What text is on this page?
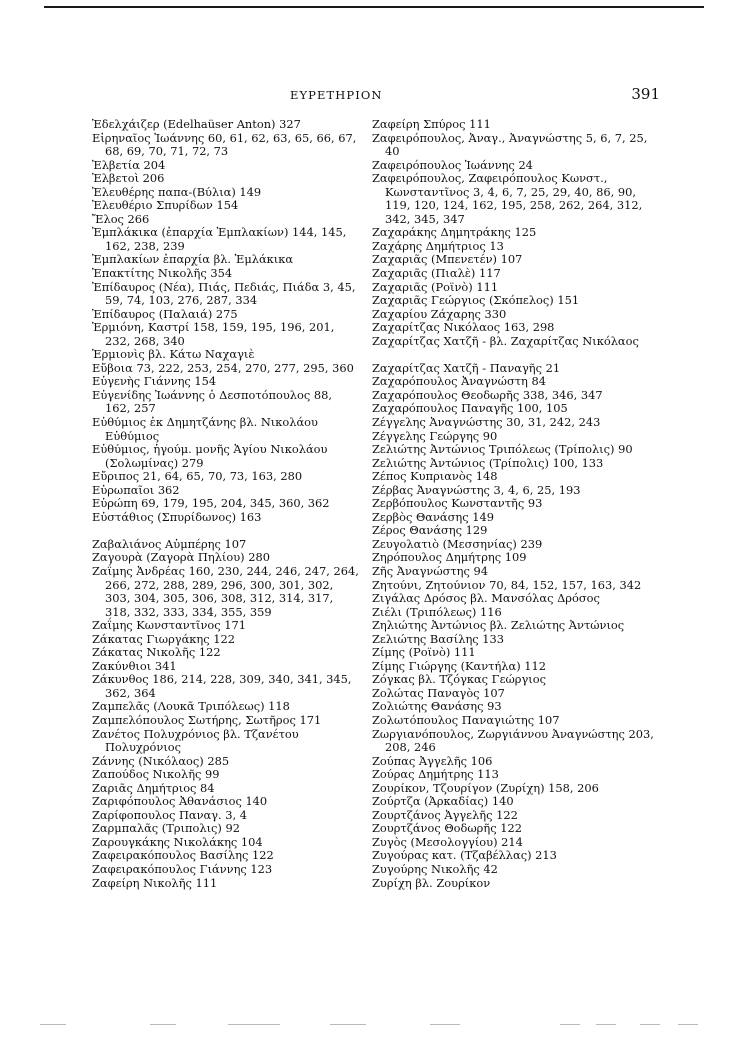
ΕΥΡΕΤΗΡΙΟΝ	391

Ἐδελχάιζερ (Edelhaüser Anton) 327

Εἰρηναῖος Ἰωάννης 60, 61, 62, 63, 65, 66, 67, 68, 69, 70, 71, 72, 73

Ἐλβετία 204

Ἐλβετοὶ 206

Ἐλευθέρης παπα-(Βύλια) 149

Ἐλευθέριο Σπυρίδων 154

Ἔλος 266

Ἐμπλάκικα (ἐπαρχία Ἐμπλακίων) 144, 145, 162, 238, 239

Ἐμπλακίων ἐπαρχία βλ. Ἐμλάκικα

Ἐπακτίτης Νικολῆς 354

Ἐπίδαυρος (Νέα), Πιάς, Πεδιάς, Πιάδα 3, 45, 59, 74, 103, 276, 287, 334

Ἐπίδαυρος (Παλαιά) 275

Ἑρμιόνη, Καστρί 158, 159, 195, 196, 201, 232, 268, 340

Ἑρμιονὶς βλ. Κάτω Ναχαγιὲ

Εὔβοια 73, 222, 253, 254, 270, 277, 295, 360

Εὐγενὴς Γιάννης 154

Εὐγενίδης Ἰωάννης ὁ Δεσποτόπουλος 88, 162, 257

Εὐθύμιος ἐκ Δημητζάνης βλ. Νικολάου Εὐθύμιος

Εὐθύμιος, ἡγούμ. μονῆς Ἁγίου Νικολάου (Σολωμίνας) 279

Εὔριπος 21, 64, 65, 70, 73, 163, 280

Εὐρωπαῖοι 362

Εὐρώπη 69, 179, 195, 204, 345, 360, 362

Εὐστάθιος (Σπυρίδωνος) 163

Ζαβαλιάνος Αὐμπέρης 107

Ζαγουρὰ (Ζαγορὰ Πηλίου) 280

Ζαΐμης Ἀνδρέας 160, 230, 244, 246, 247, 264, 266, 272, 288, 289, 296, 300, 301, 302, 303, 304, 305, 306, 308, 312, 314, 317, 318, 332, 333, 334, 355, 359

Ζαΐμης Κωνσταντῖνος 171

Ζάκατας Γιωργάκης 122

Ζάκατας Νικολῆς 122

Ζακύνθιοι 341

Ζάκυνθος 186, 214, 228, 309, 340, 341, 345, 362, 364

Ζαμπελᾶς (Λουκᾶ Τριπόλεως) 118

Ζαμπελόπουλος Σωτήρης, Σωτῆρος 171

Ζανέτος Πολυχρόνιος βλ. Τζανέτου Πολυχρόνιος

Ζάννης (Νικόλαος) 285

Ζαπούδος Νικολῆς 99

Ζαριᾶς Δημήτριος 84

Ζαριφόπουλος Ἀθανάσιος 140

Ζαρίφοπουλος Παναγ. 3, 4

Ζαρμπαλᾶς (Τριπολις) 92

Ζαρουγκάκης Νικολάκης 104

Ζαφειρακόπουλος Βασίλης 122

Ζαφειρακόπουλος Γιάννης 123

Ζαφείρη Νικολῆς 111

Ζαφείρη Σπύρος 111

Ζαφειρόπουλος, Ἀναγ., Ἀναγνώστης 5, 6, 7, 25, 40

Ζαφειρόπουλος Ἰωάννης 24

Ζαφειρόπουλος, Ζαφειρόπουλος Κωνστ., Κωνσταντῖνος 3, 4, 6, 7, 25, 29, 40, 86, 90, 119, 120, 124, 162, 195, 258, 262, 264, 312, 342, 345, 347

Ζαχαράκης Δημητράκης 125

Ζαχάρης Δημήτριος 13

Ζαχαριᾶς (Μπενετέν) 107

Ζαχαριᾶς (Πιαλὲ) 117

Ζαχαριᾶς (Ροϊνὸ) 111

Ζαχαριᾶς Γεώργιος (Σκόπελος) 151

Ζαχαρίου Ζάχαρης 330

Ζαχαρίτζας Νικόλαος 163, 298

Ζαχαρίτζας Χατζῆ - βλ. Ζαχαρίτζας Νικόλαος

Ζαχαρίτζας Χατζῆ - Παναγῆς 21

Ζαχαρόπουλος Ἀναγνώστη 84

Ζαχαρόπουλος Θεοδωρῆς 338, 346, 347

Ζαχαρόπουλος Παναγῆς 100, 105

Ζέγγελης Ἀναγνώστης 30, 31, 242, 243

Ζέγγελης Γεώργης 90

Ζελιώτης Ἀντώνιος Τριπόλεως (Τρίπολις) 90

Ζελιώτης Ἀντώνιος (Τρίπολις) 100, 133

Ζέπος Κυπριανὸς 148

Ζέρβας Ἀναγνώστης 3, 4, 6, 25, 193

Ζερβόπουλος Κωνσταντῆς 93

Ζερβὸς Θανάσης 149

Ζέρος Θανάσης 129

Ζευγολατιὸ (Μεσσηνίας) 239

Ζηρόπουλος Δημήτρης 109

Ζῆς Ἀναγνώστης 94

Ζητούνι, Ζητούνιον 70, 84, 152, 157, 163, 342

Ζιγάλας Δρόσος βλ. Μανσόλας Δρόσος

Ζιέλι (Τριπόλεως) 116

Ζηλιώτης Ἀντώνιος βλ. Ζελιώτης Ἀντώνιος

Ζελιώτης Βασίλης 133

Ζίμης (Ροϊνὸ) 111

Ζίμης Γιώργης (Καντήλα) 112

Ζόγκας βλ. Τζόγκας Γεώργιος

Ζολώτας Παναγὸς 107

Ζολιώτης Θανάσης 93

Ζολωτόπουλος Παναγιώτης 107

Ζωργιανόπουλος, Ζωργιάννου Ἀναγνώστης 203, 208, 246

Ζούπας Ἀγγελῆς 106

Ζούρας Δημήτρης 113

Ζουρίκον, Τζουρίγον (Ζυρίχη) 158, 206

Ζούρτζα (Ἀρκαδίας) 140

Ζουρτζάνος Ἀγγελῆς 122

Ζουρτζάνος Θοδωρῆς 122

Ζυγὸς (Μεσολογγίου) 214

Ζυγούρας κατ. (Τζαβέλλας) 213

Ζυγούρης Νικολῆς 42

Ζυρίχη βλ. Ζουρίκον
